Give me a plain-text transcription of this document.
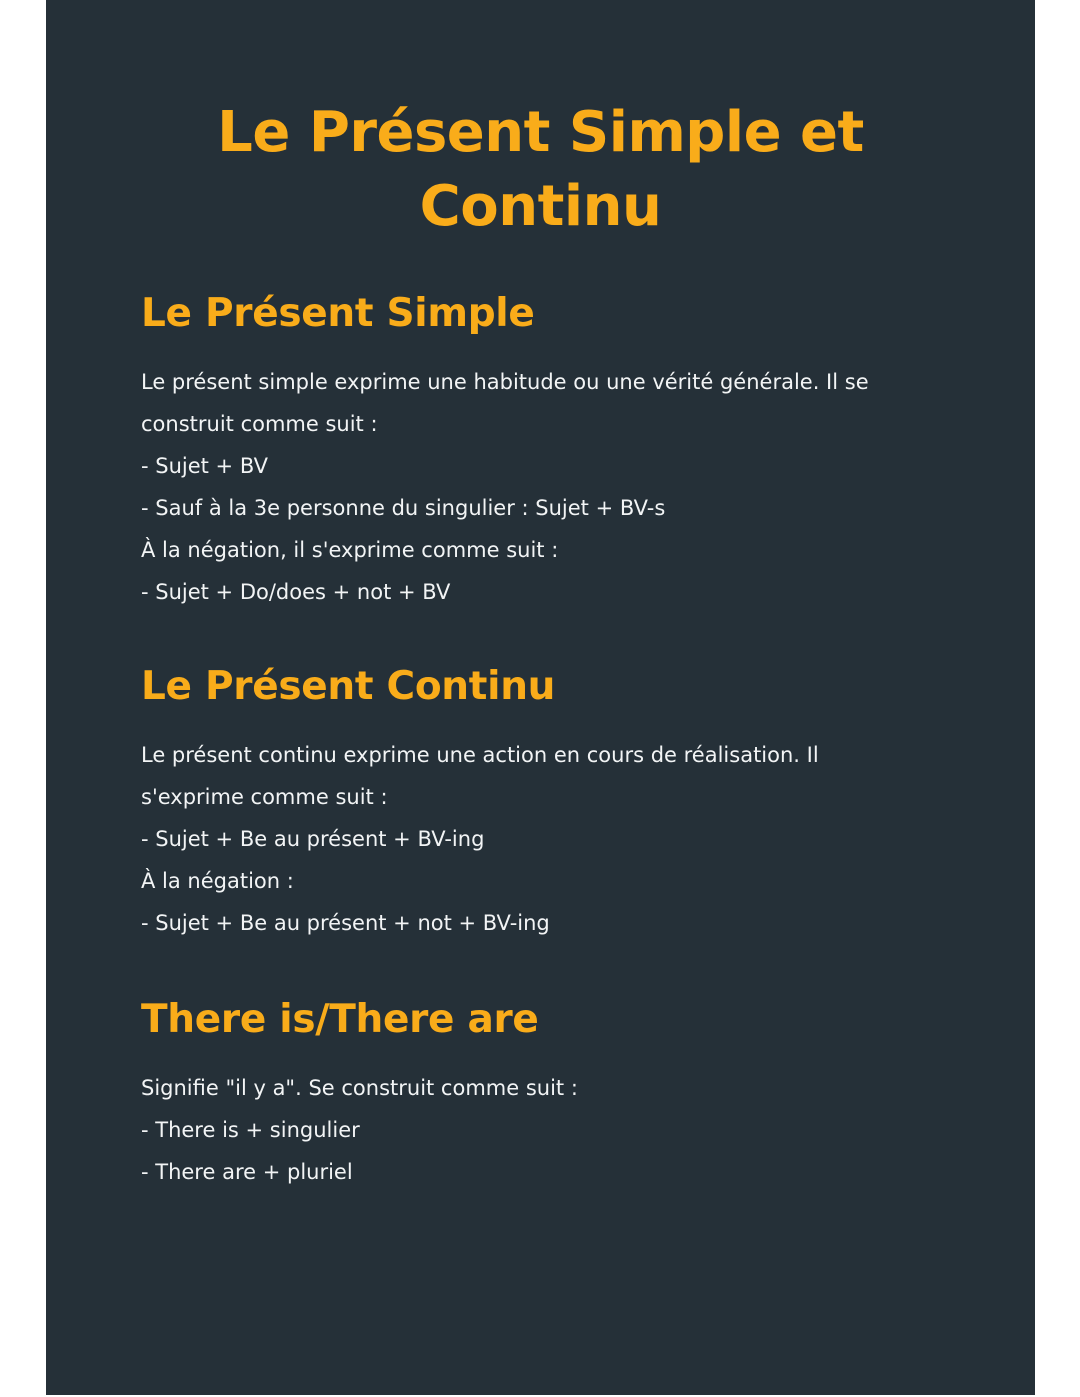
Le Présent Simple et
Continu
Le Présent Simple
Le présent simple exprime une habitude ou une vérité générale. Il se
construit comme suit :
- Sujet + BV
- Sauf à la 3e personne du singulier : Sujet + BV-s
À la négation, il s'exprime comme suit :
- Sujet + Do/does + not + BV
Le Présent Continu
Le présent continu exprime une action en cours de réalisation. Il
s'exprime comme suit :
- Sujet + Be au présent + BV-ing
À la négation :
- Sujet + Be au présent + not + BV-ing
There is/There are
Signifie "il y a". Se construit comme suit :
- There is + singulier
- There are + pluriel
